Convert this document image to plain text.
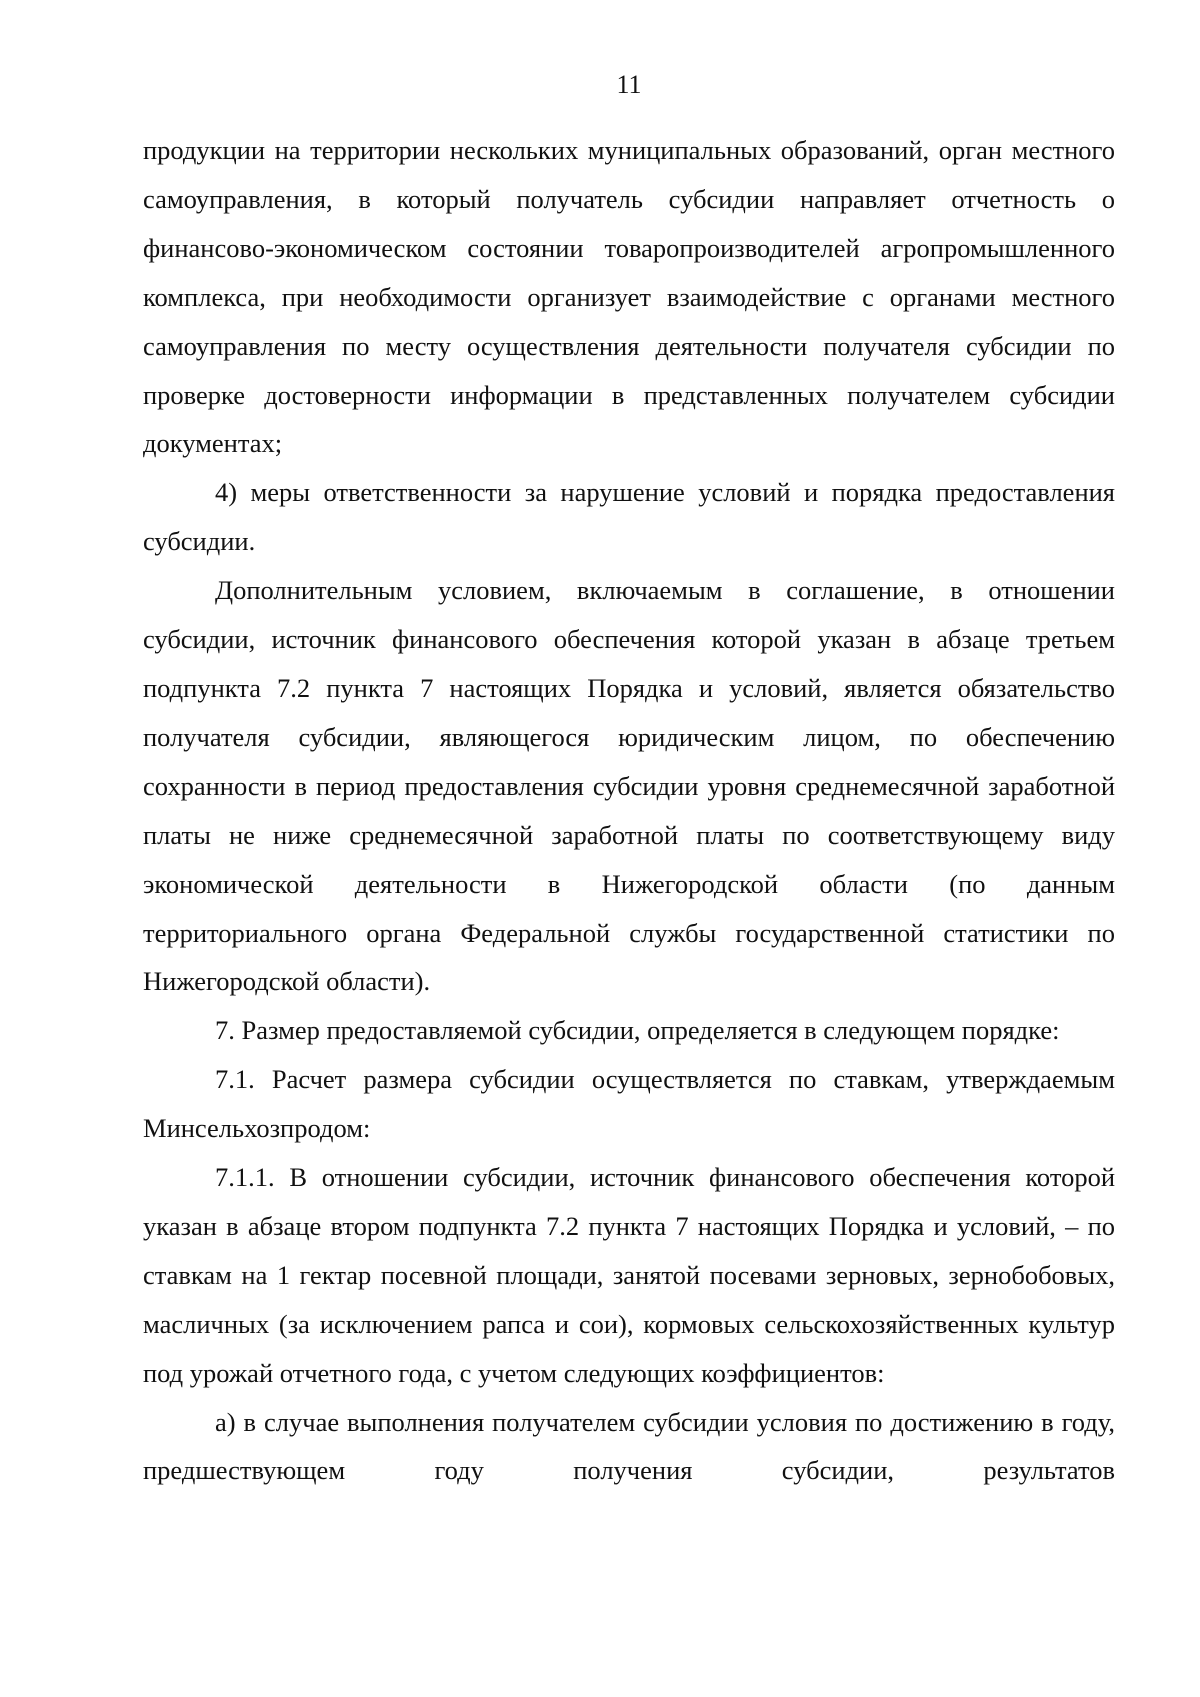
11

продукции на территории нескольких муниципальных образований, орган местного самоуправления, в который получатель субсидии направляет отчетность о финансово-экономическом состоянии товаропроизводителей агропромышленного комплекса, при необходимости организует взаимодействие с органами местного самоуправления по месту осуществления деятельности получателя субсидии по проверке достоверности информации в представленных получателем субсидии документах;

4) меры ответственности за нарушение условий и порядка предоставления субсидии.

Дополнительным условием, включаемым в соглашение, в отношении субсидии, источник финансового обеспечения которой указан в абзаце третьем подпункта 7.2 пункта 7 настоящих Порядка и условий, является обязательство получателя субсидии, являющегося юридическим лицом, по обеспечению сохранности в период предоставления субсидии уровня среднемесячной заработной платы не ниже среднемесячной заработной платы по соответствующему виду экономической деятельности в Нижегородской области (по данным территориального органа Федеральной службы государственной статистики по Нижегородской области).

7. Размер предоставляемой субсидии, определяется в следующем порядке:

7.1. Расчет размера субсидии осуществляется по ставкам, утверждаемым Минсельхозпродом:

7.1.1. В отношении субсидии, источник финансового обеспечения которой указан в абзаце втором подпункта 7.2 пункта 7 настоящих Порядка и условий, – по ставкам на 1 гектар посевной площади, занятой посевами зерновых, зернобобовых, масличных (за исключением рапса и сои), кормовых сельскохозяйственных культур под урожай отчетного года, с учетом следующих коэффициентов:

а) в случае выполнения получателем субсидии условия по достижению в году, предшествующем году получения субсидии, результатов
